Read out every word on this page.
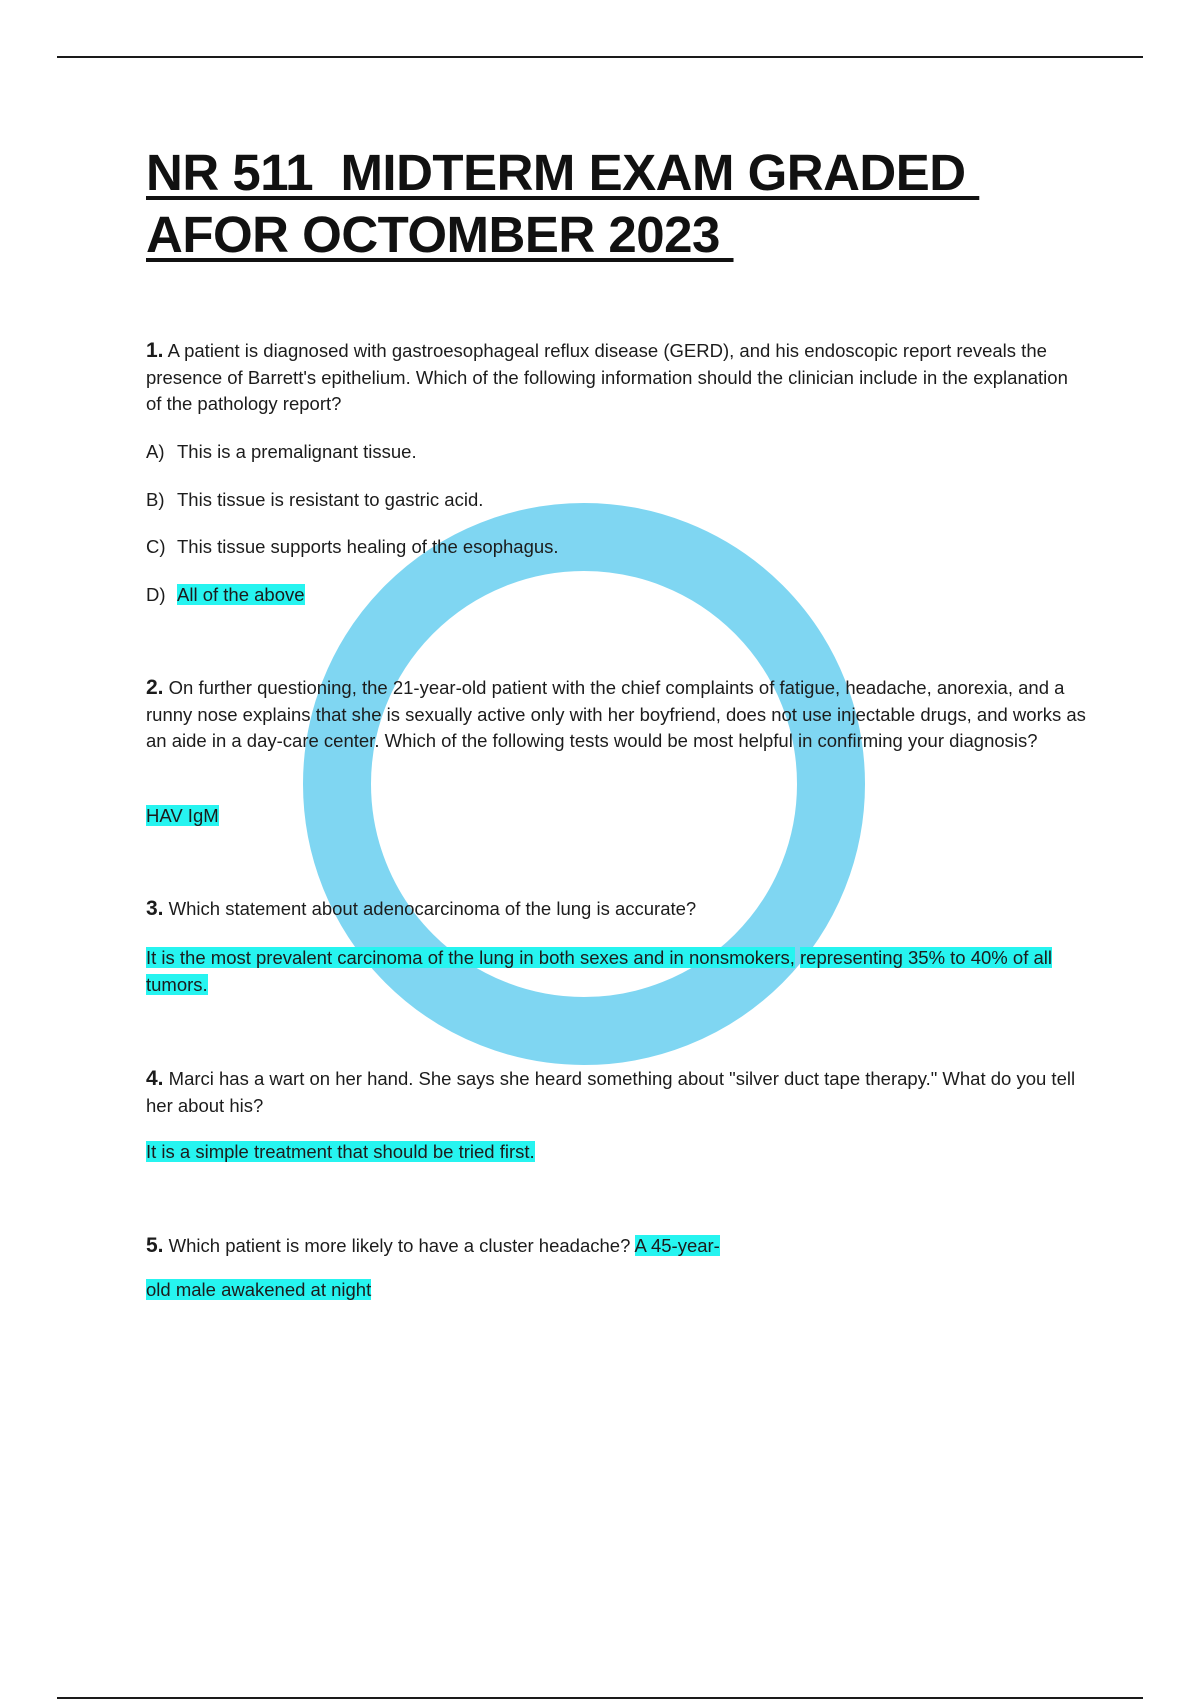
NR 511  MIDTERM EXAM GRADED
AFOR OCTOMBER 2023

1. A patient is diagnosed with gastroesophageal reflux disease (GERD), and his endoscopic report reveals the presence of Barrett's epithelium. Which of the following information should the clinician include in the explanation of the pathology report?

A) This is a premalignant tissue.
B) This tissue is resistant to gastric acid.
C) This tissue supports healing of the esophagus.
D) All of the above

2. On further questioning, the 21-year-old patient with the chief complaints of fatigue, headache, anorexia, and a runny nose explains that she is sexually active only with her boyfriend, does not use injectable drugs, and works as an aide in a day-care center. Which of the following tests would be most helpful in confirming your diagnosis?

HAV IgM

3. Which statement about adenocarcinoma of the lung is accurate?

It is the most prevalent carcinoma of the lung in both sexes and in nonsmokers, representing 35% to 40% of all tumors.

4. Marci has a wart on her hand. She says she heard something about "silver duct tape therapy." What do you tell her about his?

It is a simple treatment that should be tried first.

5. Which patient is more likely to have a cluster headache? A 45-year-

old male awakened at night
